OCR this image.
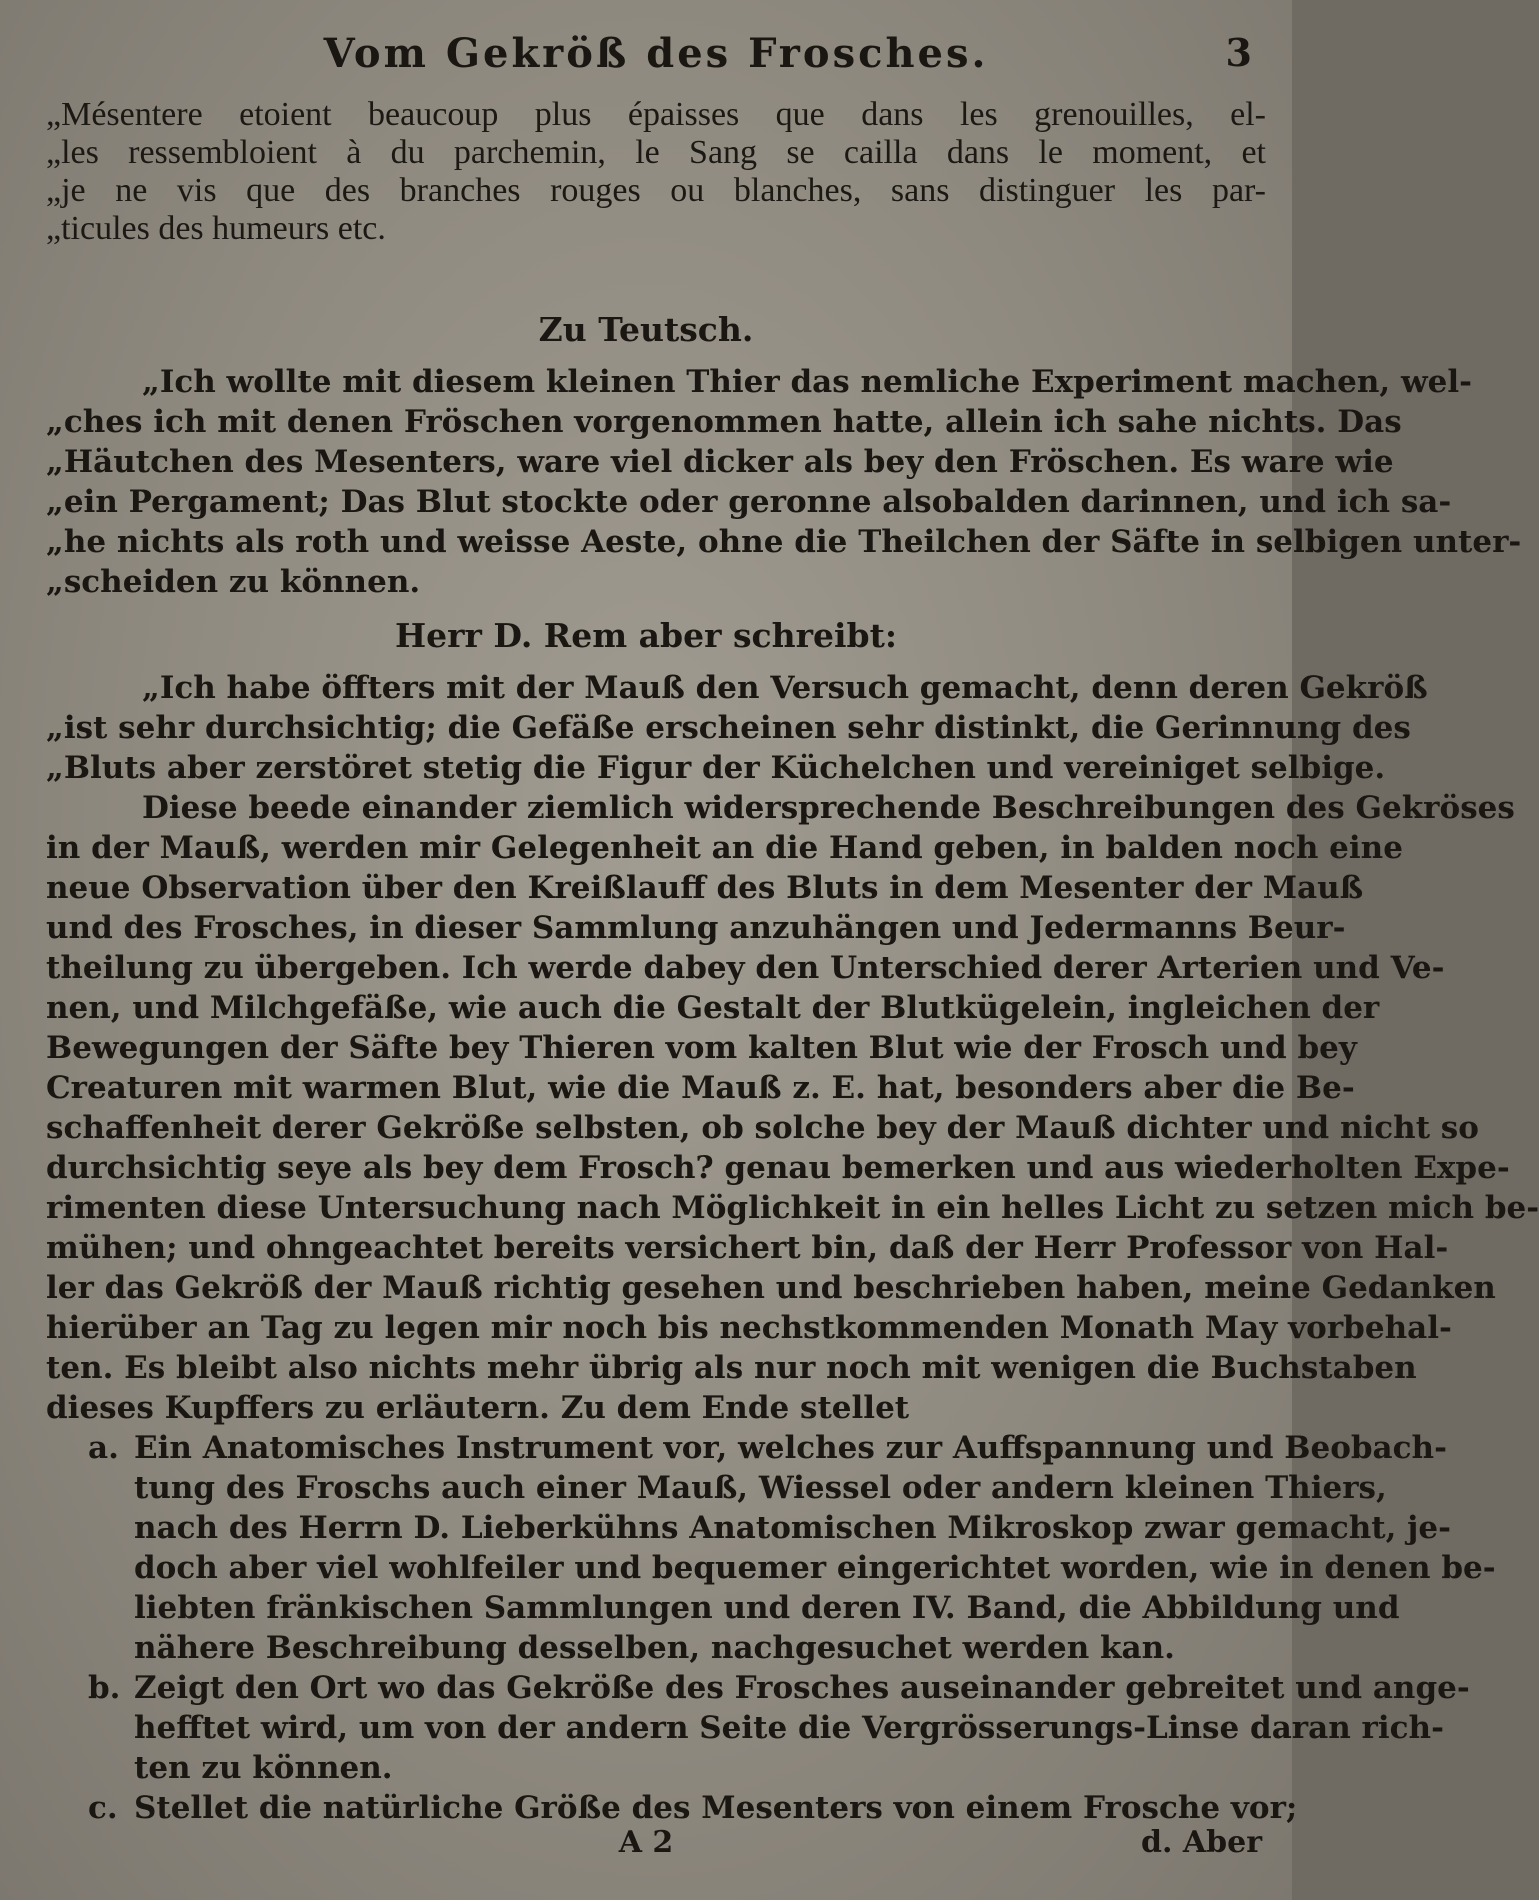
Vom Gekröß des Frosches.	3
„Mésentere etoient beaucoup plus épaisses que dans les grenouilles, el-
„les ressembloient à du parchemin, le Sang se cailla dans le moment, et
„je ne vis que des branches rouges ou blanches, sans distinguer les par-
„ticules des humeurs etc.
Zu Teutsch.
„Ich wollte mit diesem kleinen Thier das nemliche Experiment machen, wel-
„ches ich mit denen Fröschen vorgenommen hatte, allein ich sahe nichts. Das
„Häutchen des Mesenters, ware viel dicker als bey den Fröschen. Es ware wie
„ein Pergament; Das Blut stockte oder geronne alsobalden darinnen, und ich sa-
„he nichts als roth und weisse Aeste, ohne die Theilchen der Säfte in selbigen unter-
„scheiden zu können.
Herr D. Rem aber schreibt:
„Ich habe öffters mit der Mauß den Versuch gemacht, denn deren Gekröß
„ist sehr durchsichtig; die Gefäße erscheinen sehr distinkt, die Gerinnung des
„Bluts aber zerstöret stetig die Figur der Küchelchen und vereiniget selbige.
Diese beede einander ziemlich widersprechende Beschreibungen des Gekröses
in der Mauß, werden mir Gelegenheit an die Hand geben, in balden noch eine
neue Observation über den Kreißlauff des Bluts in dem Mesenter der Mauß
und des Frosches, in dieser Sammlung anzuhängen und Jedermanns Beur-
theilung zu übergeben. Ich werde dabey den Unterschied derer Arterien und Ve-
nen, und Milchgefäße, wie auch die Gestalt der Blutkügelein, ingleichen der
Bewegungen der Säfte bey Thieren vom kalten Blut wie der Frosch und bey
Creaturen mit warmen Blut, wie die Mauß z. E. hat, besonders aber die Be-
schaffenheit derer Gekröße selbsten, ob solche bey der Mauß dichter und nicht so
durchsichtig seye als bey dem Frosch? genau bemerken und aus wiederholten Expe-
rimenten diese Untersuchung nach Möglichkeit in ein helles Licht zu setzen mich be-
mühen; und ohngeachtet bereits versichert bin, daß der Herr Professor von Hal-
ler das Gekröß der Mauß richtig gesehen und beschrieben haben, meine Gedanken
hierüber an Tag zu legen mir noch bis nechstkommenden Monath May vorbehal-
ten. Es bleibt also nichts mehr übrig als nur noch mit wenigen die Buchstaben
dieses Kupffers zu erläutern. Zu dem Ende stellet
a. Ein Anatomisches Instrument vor, welches zur Auffspannung und Beobach-
tung des Froschs auch einer Mauß, Wiessel oder andern kleinen Thiers,
nach des Herrn D. Lieberkühns Anatomischen Mikroskop zwar gemacht, je-
doch aber viel wohlfeiler und bequemer eingerichtet worden, wie in denen be-
liebten fränkischen Sammlungen und deren IV. Band, die Abbildung und
nähere Beschreibung desselben, nachgesuchet werden kan.
b. Zeigt den Ort wo das Gekröße des Frosches auseinander gebreitet und ange-
hefftet wird, um von der andern Seite die Vergrösserungs-Linse daran rich-
ten zu können.
c. Stellet die natürliche Größe des Mesenters von einem Frosche vor;
A 2	d. Aber
